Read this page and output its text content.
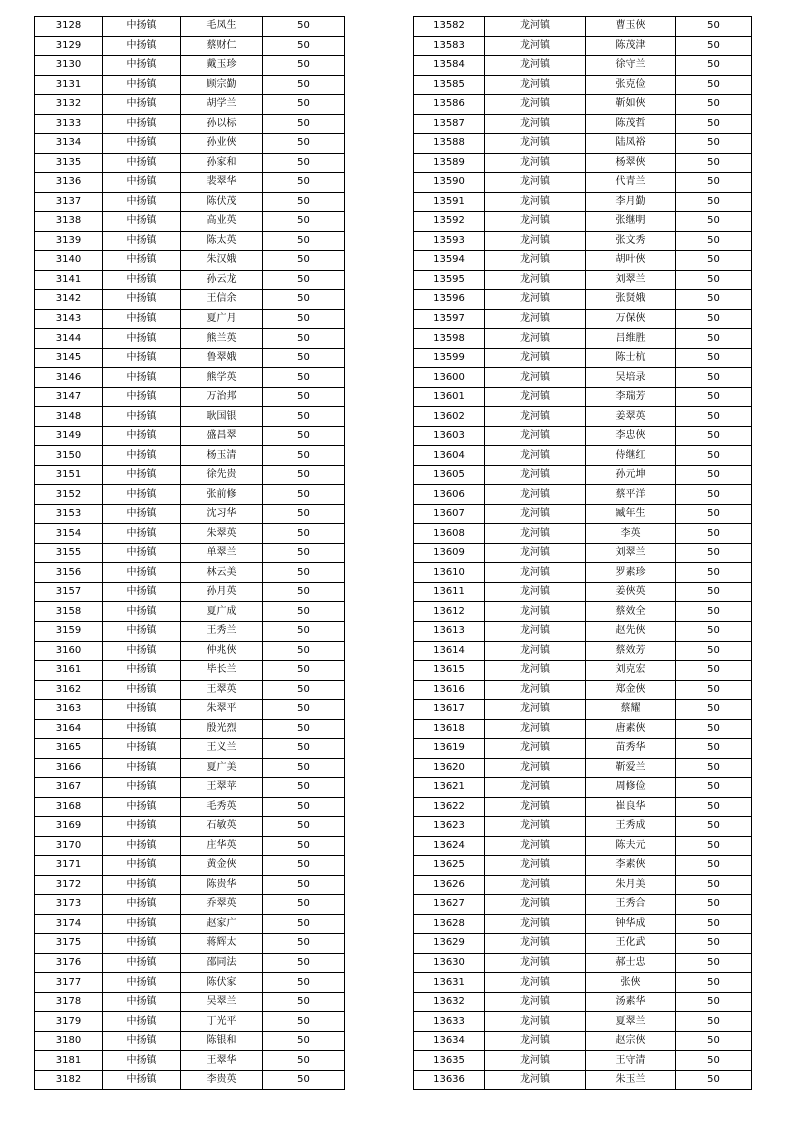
3128	中扬镇	毛凤生	50
3129	中扬镇	蔡财仁	50
3130	中扬镇	戴玉珍	50
3131	中扬镇	顾宗勤	50
3132	中扬镇	胡学兰	50
3133	中扬镇	孙以标	50
3134	中扬镇	孙业俠	50
3135	中扬镇	孙家和	50
3136	中扬镇	裴翠华	50
3137	中扬镇	陈伏茂	50
3138	中扬镇	高业英	50
3139	中扬镇	陈太英	50
3140	中扬镇	朱汉娥	50
3141	中扬镇	孙云龙	50
3142	中扬镇	王信余	50
3143	中扬镇	夏广月	50
3144	中扬镇	熊兰英	50
3145	中扬镇	鲁翠娥	50
3146	中扬镇	熊学英	50
3147	中扬镇	万治邦	50
3148	中扬镇	耿国银	50
3149	中扬镇	盛昌翠	50
3150	中扬镇	杨玉清	50
3151	中扬镇	徐先贵	50
3152	中扬镇	张前修	50
3153	中扬镇	沈习华	50
3154	中扬镇	朱翠英	50
3155	中扬镇	单翠兰	50
3156	中扬镇	林云美	50
3157	中扬镇	孙月英	50
3158	中扬镇	夏广成	50
3159	中扬镇	王秀兰	50
3160	中扬镇	仲兆俠	50
3161	中扬镇	毕长兰	50
3162	中扬镇	王翠英	50
3163	中扬镇	朱翠平	50
3164	中扬镇	殷光烈	50
3165	中扬镇	王义兰	50
3166	中扬镇	夏广美	50
3167	中扬镇	王翠苹	50
3168	中扬镇	毛秀英	50
3169	中扬镇	石敏英	50
3170	中扬镇	庄华英	50
3171	中扬镇	黄金俠	50
3172	中扬镇	陈贵华	50
3173	中扬镇	乔翠英	50
3174	中扬镇	赵家广	50
3175	中扬镇	蒋辉太	50
3176	中扬镇	邵同法	50
3177	中扬镇	陈伏家	50
3178	中扬镇	吴翠兰	50
3179	中扬镇	丁光平	50
3180	中扬镇	陈银和	50
3181	中扬镇	王翠华	50
3182	中扬镇	李贵英	50
13582	龙河镇	曹玉俠	50
13583	龙河镇	陈茂津	50
13584	龙河镇	徐守兰	50
13585	龙河镇	张克俭	50
13586	龙河镇	靳如俠	50
13587	龙河镇	陈茂哲	50
13588	龙河镇	陆凤裕	50
13589	龙河镇	杨翠俠	50
13590	龙河镇	代青兰	50
13591	龙河镇	李月勤	50
13592	龙河镇	张继明	50
13593	龙河镇	张文秀	50
13594	龙河镇	胡叶俠	50
13595	龙河镇	刘翠兰	50
13596	龙河镇	张贤娥	50
13597	龙河镇	万保俠	50
13598	龙河镇	吕维胜	50
13599	龙河镇	陈士杭	50
13600	龙河镇	吴培录	50
13601	龙河镇	李瑞芳	50
13602	龙河镇	姜翠英	50
13603	龙河镇	李忠俠	50
13604	龙河镇	侍继红	50
13605	龙河镇	孙元坤	50
13606	龙河镇	蔡平洋	50
13607	龙河镇	臧年生	50
13608	龙河镇	李英	50
13609	龙河镇	刘翠兰	50
13610	龙河镇	罗素珍	50
13611	龙河镇	姜俠英	50
13612	龙河镇	蔡效全	50
13613	龙河镇	赵先俠	50
13614	龙河镇	蔡效芳	50
13615	龙河镇	刘克宏	50
13616	龙河镇	郑金俠	50
13617	龙河镇	蔡耀	50
13618	龙河镇	唐素俠	50
13619	龙河镇	苗秀华	50
13620	龙河镇	靳爱兰	50
13621	龙河镇	周修俭	50
13622	龙河镇	崔良华	50
13623	龙河镇	王秀成	50
13624	龙河镇	陈夫元	50
13625	龙河镇	李素俠	50
13626	龙河镇	朱月美	50
13627	龙河镇	王秀合	50
13628	龙河镇	钟华成	50
13629	龙河镇	王化武	50
13630	龙河镇	郝士忠	50
13631	龙河镇	张俠	50
13632	龙河镇	汤素华	50
13633	龙河镇	夏翠兰	50
13634	龙河镇	赵宗俠	50
13635	龙河镇	王守清	50
13636	龙河镇	朱玉兰	50
